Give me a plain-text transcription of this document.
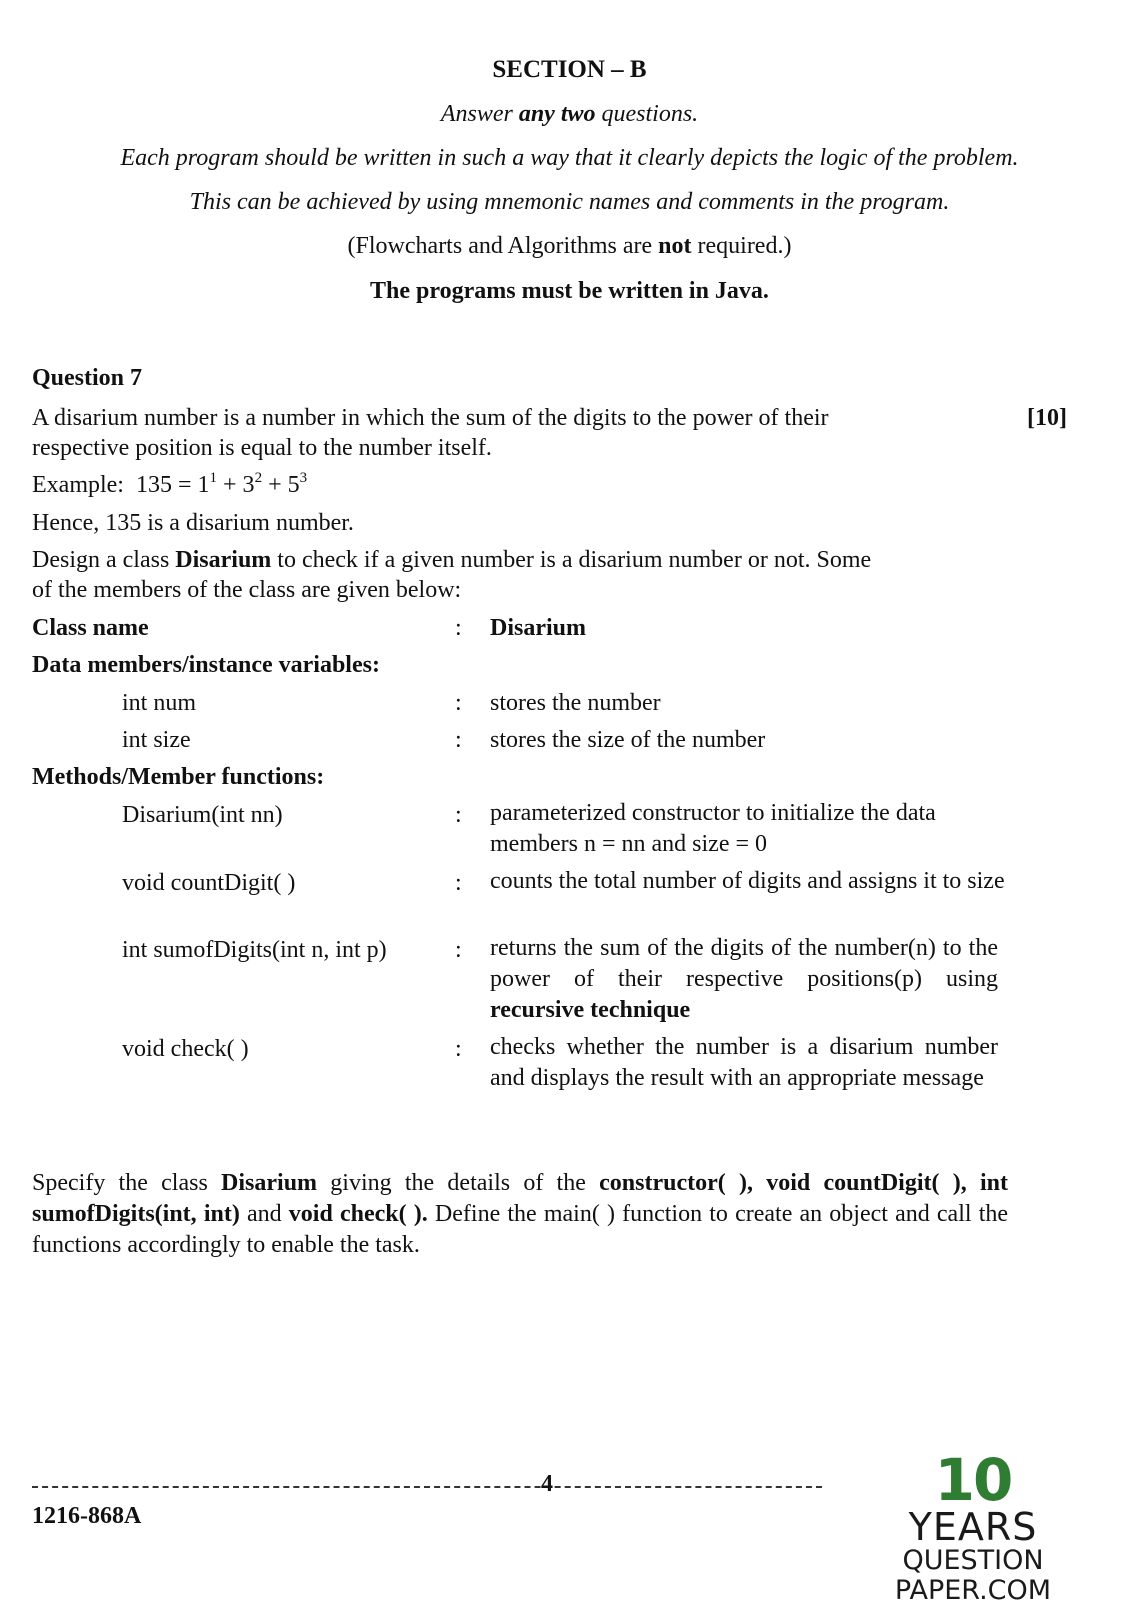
SECTION – B
Answer any two questions.
Each program should be written in such a way that it clearly depicts the logic of the problem.
This can be achieved by using mnemonic names and comments in the program.
(Flowcharts and Algorithms are not required.)
The programs must be written in Java.
Question 7
A disarium number is a number in which the sum of the digits to the power of their	[10]
respective position is equal to the number itself.
Example: $135 = 1^1 + 3^2 + 5^3$
Hence, 135 is a disarium number.
Design a class Disarium to check if a given number is a disarium number or not. Some
of the members of the class are given below:
Class name	: Disarium
Data members/instance variables:
int num	: stores the number
int size	: stores the size of the number
Methods/Member functions:
Disarium(int nn)	: parameterized constructor to initialize the data members n = nn and size = 0
void countDigit( )	: counts the total number of digits and assigns it to size
int sumofDigits(int n, int p)	: returns the sum of the digits of the number(n) to the power of their respective positions(p) using recursive technique
void check( )	: checks whether the number is a disarium number and displays the result with an appropriate message
Specify the class Disarium giving the details of the constructor( ), void countDigit( ), int sumofDigits(int, int) and void check( ). Define the main( ) function to create an object and call the functions accordingly to enable the task.
4
1216-868A
10
YEARS
QUESTION PAPER.COM
